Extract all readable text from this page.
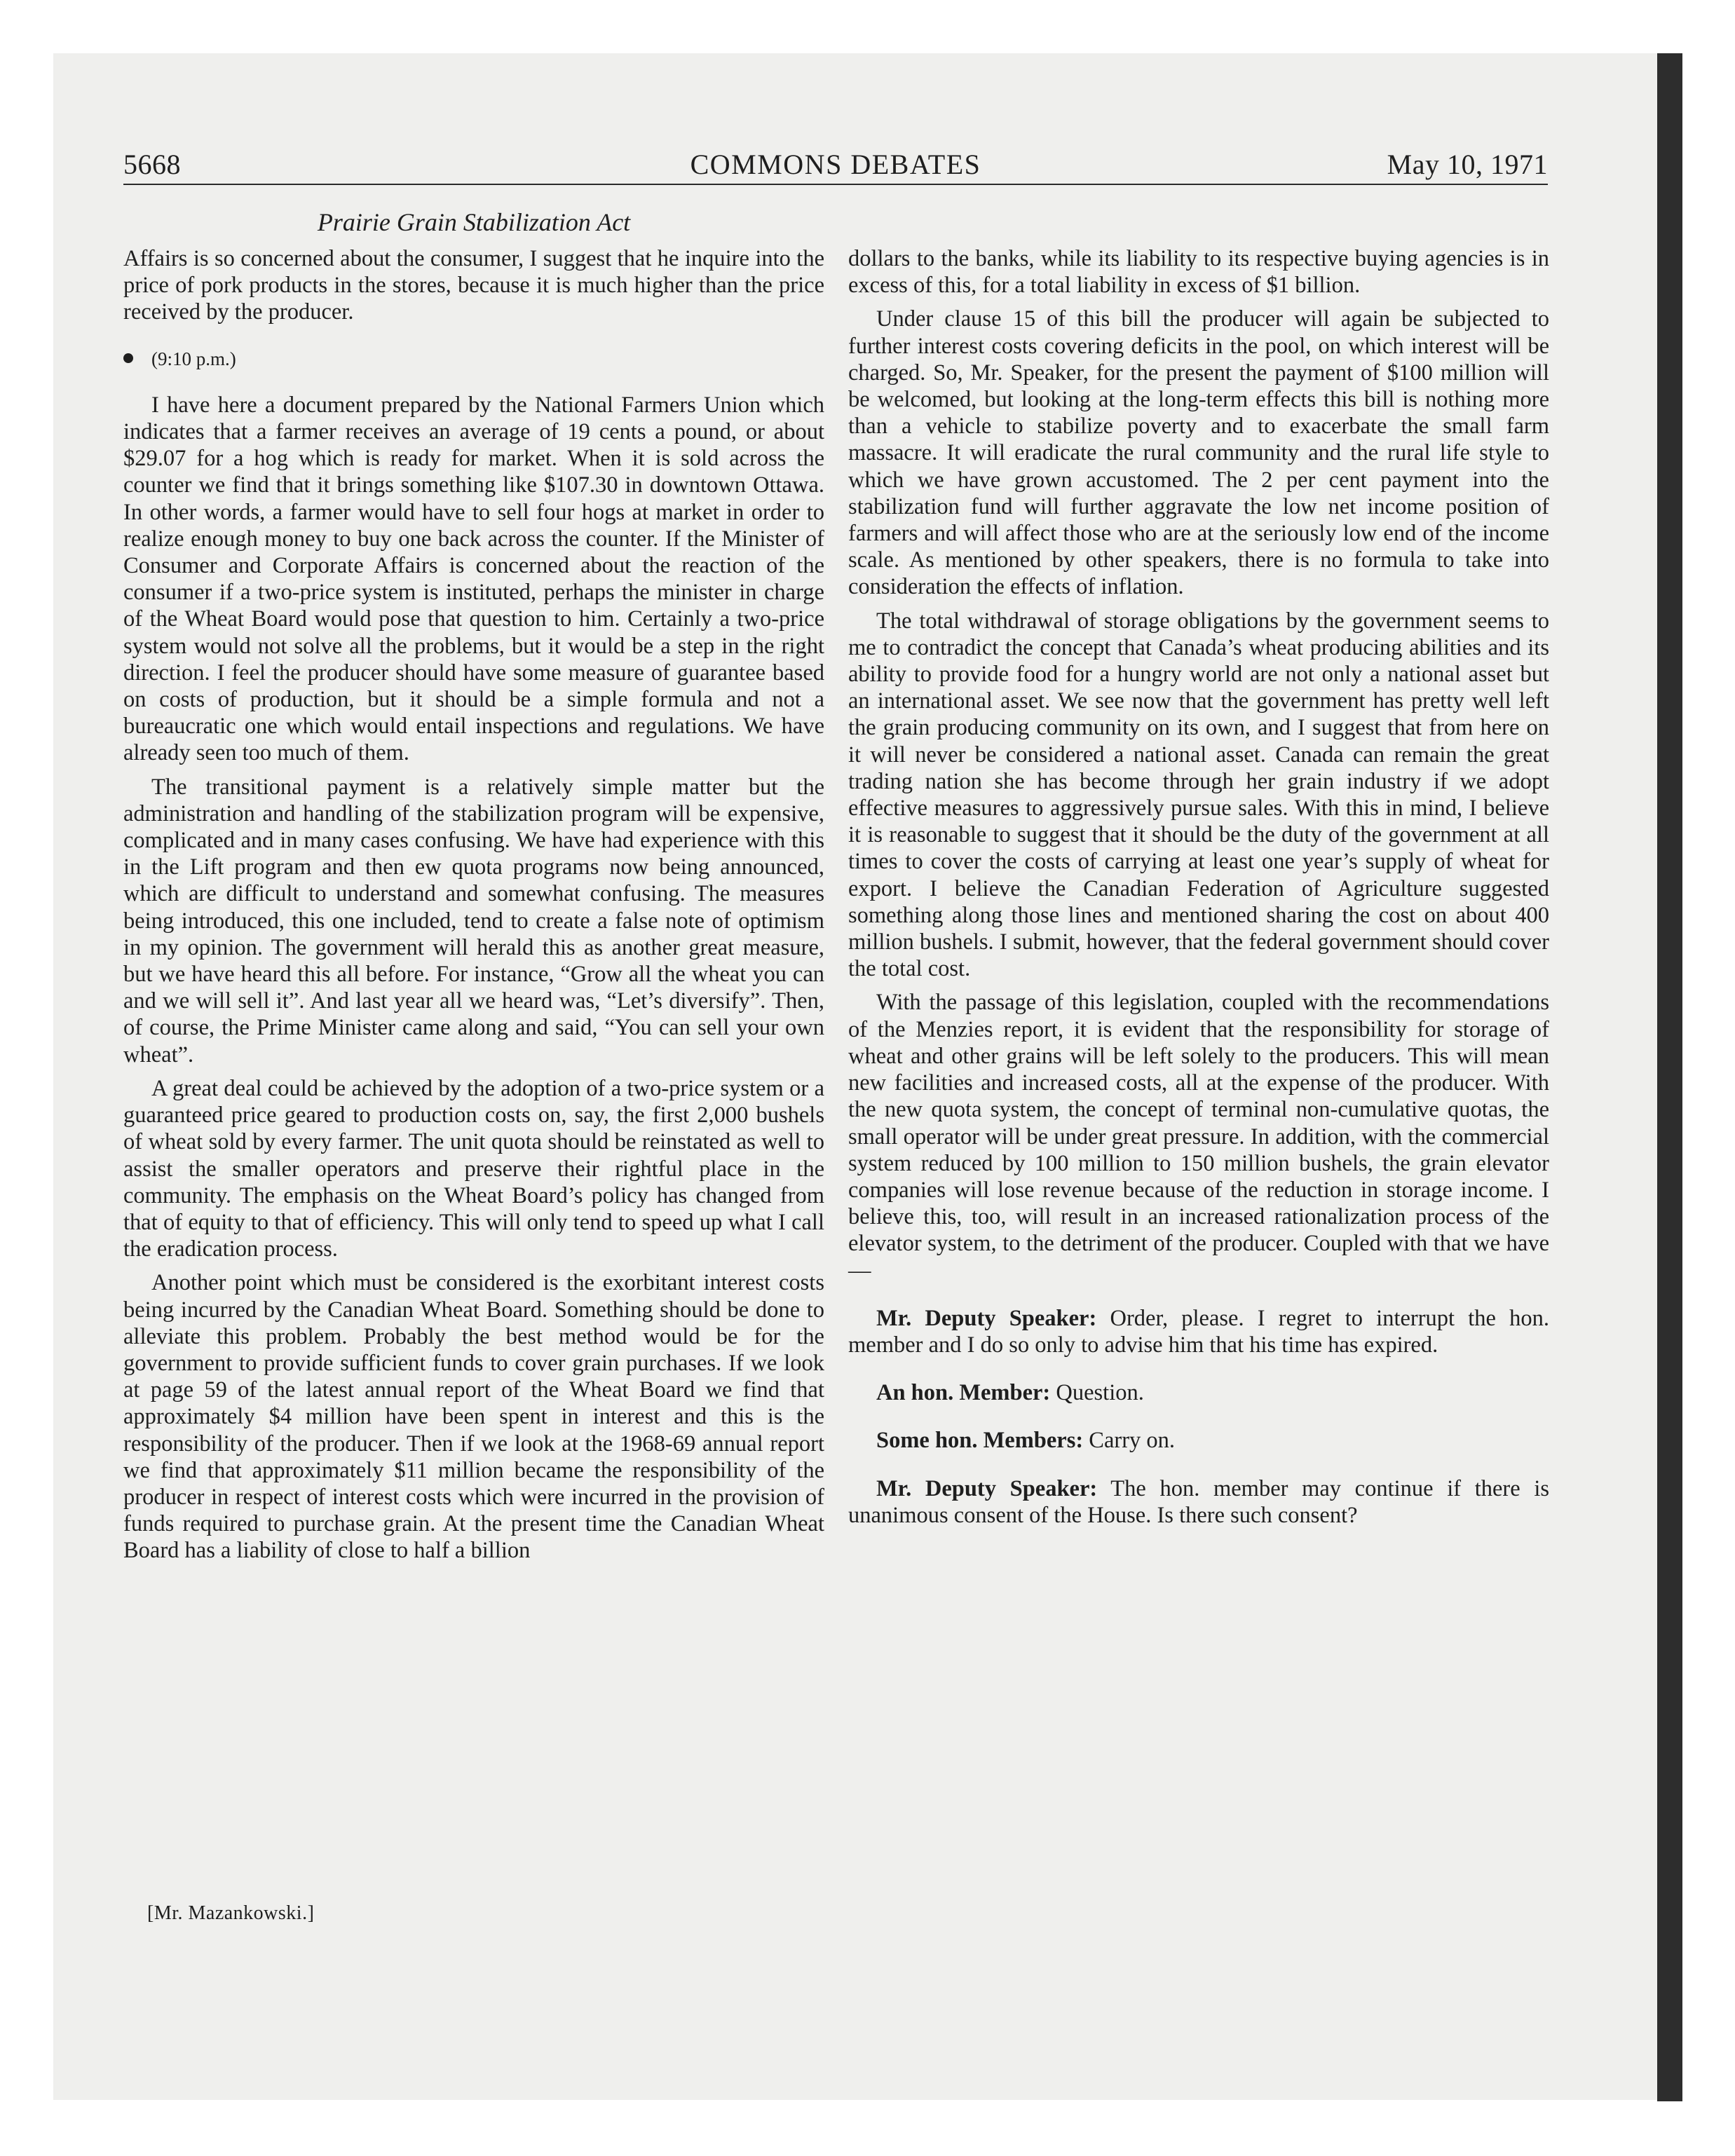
5668	COMMONS DEBATES	May 10, 1971
Prairie Grain Stabilization Act

Affairs is so concerned about the consumer, I suggest that he inquire into the price of pork products in the stores, because it is much higher than the price received by the producer.

(9:10 p.m.)

I have here a document prepared by the National Farmers Union which indicates that a farmer receives an average of 19 cents a pound, or about $29.07 for a hog which is ready for market. When it is sold across the counter we find that it brings something like $107.30 in downtown Ottawa. In other words, a farmer would have to sell four hogs at market in order to realize enough money to buy one back across the counter. If the Minister of Consumer and Corporate Affairs is concerned about the reaction of the consumer if a two-price system is instituted, perhaps the minister in charge of the Wheat Board would pose that question to him. Certainly a two-price system would not solve all the problems, but it would be a step in the right direction. I feel the producer should have some measure of guarantee based on costs of production, but it should be a simple formula and not a bureaucratic one which would entail inspections and regulations. We have already seen too much of them.

The transitional payment is a relatively simple matter but the administration and handling of the stabilization program will be expensive, complicated and in many cases confusing. We have had experience with this in the Lift program and then ew quota programs now being announced, which are difficult to understand and somewhat confusing. The measures being introduced, this one included, tend to create a false note of optimism in my opinion. The government will herald this as another great measure, but we have heard this all before. For instance, “Grow all the wheat you can and we will sell it”. And last year all we heard was, “Let’s diversify”. Then, of course, the Prime Minister came along and said, “You can sell your own wheat”.

A great deal could be achieved by the adoption of a two-price system or a guaranteed price geared to production costs on, say, the first 2,000 bushels of wheat sold by every farmer. The unit quota should be reinstated as well to assist the smaller operators and preserve their rightful place in the community. The emphasis on the Wheat Board’s policy has changed from that of equity to that of efficiency. This will only tend to speed up what I call the eradication process.

Another point which must be considered is the exorbitant interest costs being incurred by the Canadian Wheat Board. Something should be done to alleviate this problem. Probably the best method would be for the government to provide sufficient funds to cover grain purchases. If we look at page 59 of the latest annual report of the Wheat Board we find that approximately $4 million have been spent in interest and this is the responsibility of the producer. Then if we look at the 1968-69 annual report we find that approximately $11 million became the responsibility of the producer in respect of interest costs which were incurred in the provision of funds required to purchase grain. At the present time the Canadian Wheat Board has a liability of close to half a billion

dollars to the banks, while its liability to its respective buying agencies is in excess of this, for a total liability in excess of $1 billion.

Under clause 15 of this bill the producer will again be subjected to further interest costs covering deficits in the pool, on which interest will be charged. So, Mr. Speaker, for the present the payment of $100 million will be welcomed, but looking at the long-term effects this bill is nothing more than a vehicle to stabilize poverty and to exacerbate the small farm massacre. It will eradicate the rural community and the rural life style to which we have grown accustomed. The 2 per cent payment into the stabilization fund will further aggravate the low net income position of farmers and will affect those who are at the seriously low end of the income scale. As mentioned by other speakers, there is no formula to take into consideration the effects of inflation.

The total withdrawal of storage obligations by the government seems to me to contradict the concept that Canada’s wheat producing abilities and its ability to provide food for a hungry world are not only a national asset but an international asset. We see now that the government has pretty well left the grain producing community on its own, and I suggest that from here on it will never be considered a national asset. Canada can remain the great trading nation she has become through her grain industry if we adopt effective measures to aggressively pursue sales. With this in mind, I believe it is reasonable to suggest that it should be the duty of the government at all times to cover the costs of carrying at least one year’s supply of wheat for export. I believe the Canadian Federation of Agriculture suggested something along those lines and mentioned sharing the cost on about 400 million bushels. I submit, however, that the federal government should cover the total cost.

With the passage of this legislation, coupled with the recommendations of the Menzies report, it is evident that the responsibility for storage of wheat and other grains will be left solely to the producers. This will mean new facilities and increased costs, all at the expense of the producer. With the new quota system, the concept of terminal non-cumulative quotas, the small operator will be under great pressure. In addition, with the commercial system reduced by 100 million to 150 million bushels, the grain elevator companies will lose revenue because of the reduction in storage income. I believe this, too, will result in an increased rationalization process of the elevator system, to the detriment of the producer. Coupled with that we have—

Mr. Deputy Speaker: Order, please. I regret to interrupt the hon. member and I do so only to advise him that his time has expired.

An hon. Member: Question.

Some hon. Members: Carry on.

Mr. Deputy Speaker: The hon. member may continue if there is unanimous consent of the House. Is there such consent?

[Mr. Mazankowski.]
